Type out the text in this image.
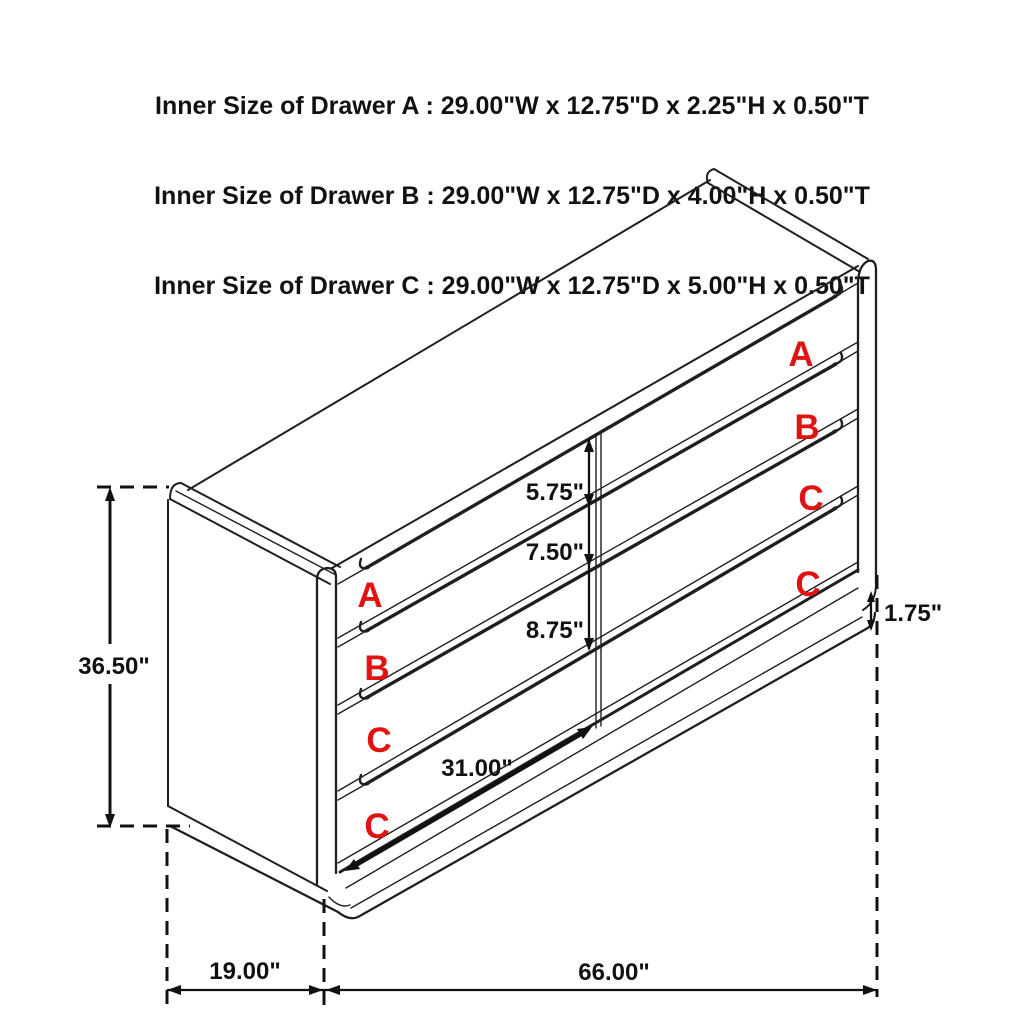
Inner Size of Drawer A : 29.00"W x 12.75"D x 2.25"H x 0.50"T

Inner Size of Drawer B : 29.00"W x 12.75"D x 4.00"H x 0.50"T

Inner Size of Drawer C : 29.00"W x 12.75"D x 5.00"H x 0.50"T

36.50"
5.75"
7.50"
8.75"
31.00"
1.75"
19.00"	66.00"
A
B
C
C
A
B
C
C
